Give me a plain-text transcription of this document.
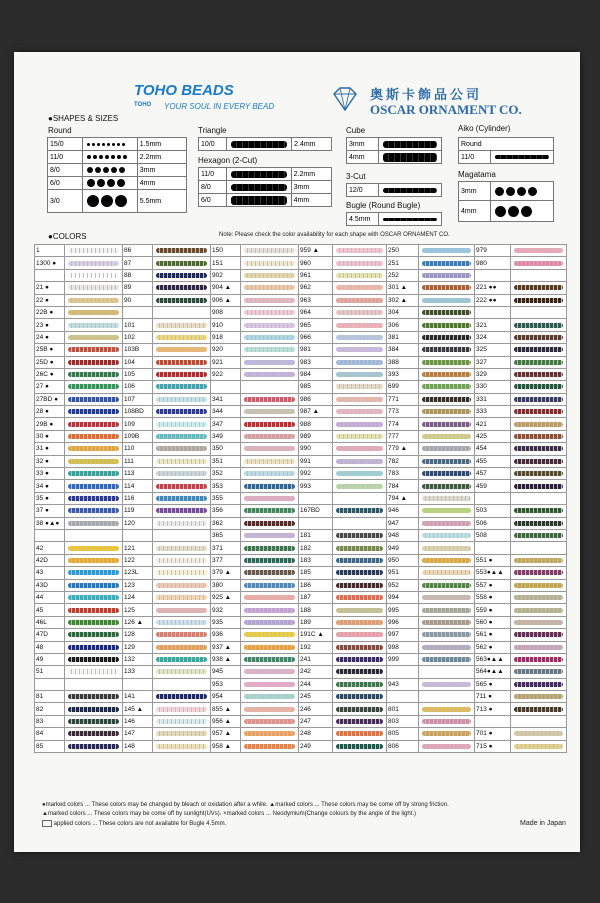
TOHO BEADS
TOHO YOUR SOUL IN EVERY BEAD
奥斯卡飾品公司
OSCAR ORNAMENT CO.
●SHAPES & SIZES
Round
15/0		1.5mm
11/0		2.2mm
8/0		3mm
6/0		4mm
3/0		5.5mm
Triangle
10/0		2.4mm
Hexagon (2-Cut)
11/0		2.2mm
8/0		3mm
6/0		4mm
Cube
3mm	

4mm	
3-Cut
12/0	
Bugle (Round Bugle)
4.5mm	
Aiko (Cylinder)
Round
11/0	
Magatama
3mm	

4mm	
●COLORS	Note: Please check the color availability for each shape with OSCAR ORNAMENT CO.
1		86		150		959 ▲		250		979	

1300 ●		87		151		960		251		980	

	88		902		961		252	

21 ●		89		904 ▲		962		301 ▲		221 ●●	

22 ●		90		906 ▲		963		302 ▲		222 ●●	

22B ●				908		964		304	

23 ●		101		910		965		306		321	

24 ●		102		918		966		381		324	

25B ●		103B		920		981		384		325	

25D ●		104		921		983		388		327	

26C ●		105		922		984		393		329	

27 ●		106				985		699		330	

27BD ●		107		341		986		771		331	

28 ●		108BD		344		987 ▲		773		333	

29B ●		109		347		988		774		421	

30 ●		109B		349		989		777		425	

31 ●		110		350		990		779 ▲		454	

32 ●		111		351		991		782		455	

33 ●		113		352		992		783		457	

34 ●		114		353		993		784		459	

35 ●		116		355				794 ▲	

37 ●		119		356		167BD		946		503	

38 ●▲●		120		362				947		506	

				365		181		948		508	

42		121		371		182		949	

42D		122		377		183		950		551 ●	

43		123L		379 ▲		185		951		553●▲▲	

43D		123		380		186		952		557 ●	

44		124		925 ▲		187		994		558 ●	

45		125		932		188		995		559 ●	

46L		126 ▲		935		189		996		560 ●	

47D		128		936		191C ▲		997		561 ●	

48		129		937 ▲		192		998		562 ●	

49		132		938 ▲		241		999		563●▲▲	

51		133		945		242				564●▲▲	

				953		244		943		565 ●	

81		141		954		245				711 ●	

82		145 ▲		855 ▲		246		801		713 ●	

83		146		956 ▲		247		803	

84		147		957 ▲		248		805		701 ●	

85		148		958 ▲		249		806		715 ●	
●marked colors ... These colors may be changed by bleach or oxidation after a while. ▲marked colors ... These colors may be come off by strong friction.
▲marked colors ... These colors may be come off by sunlight(UVs). ×marked colors ... Neodymium(Change colours by the angle of the light.)
applied colors ... These colors are not available for Bugle 4.5mm.	Made in Japan
